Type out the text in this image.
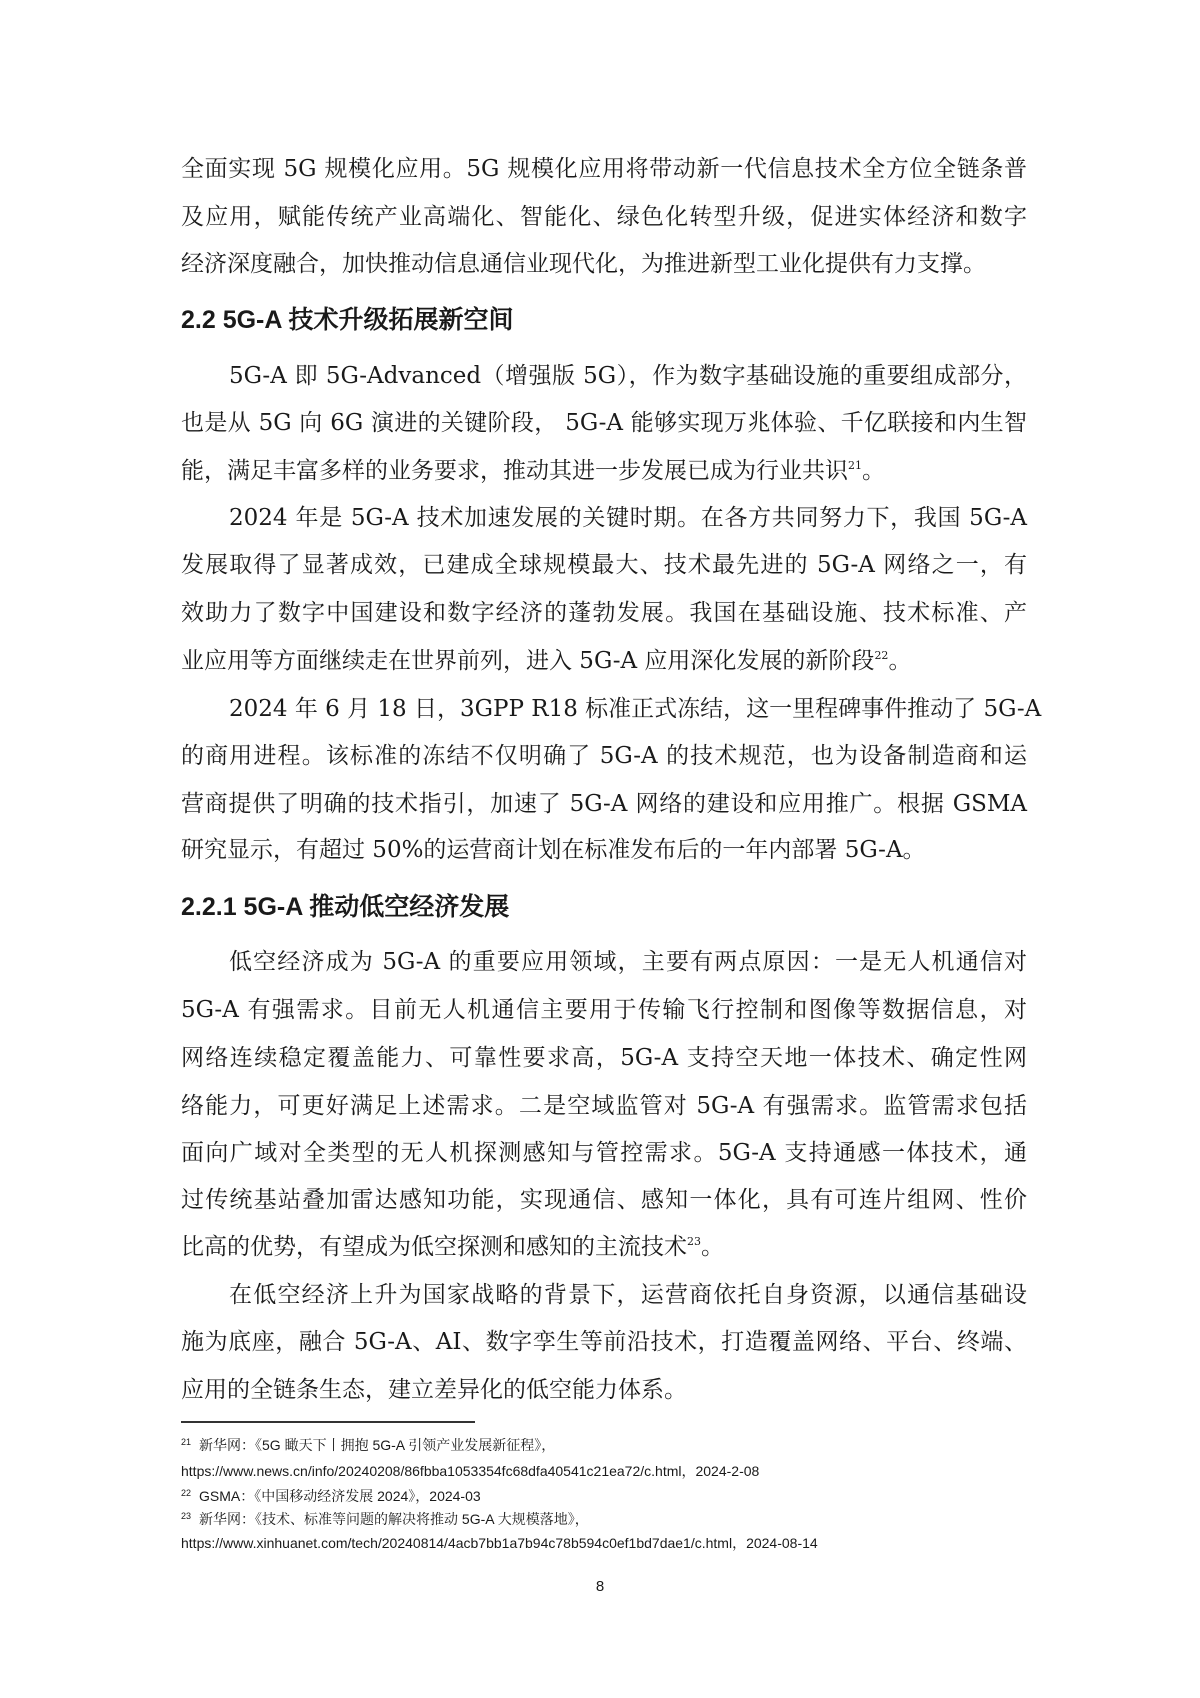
全面实现 5G 规模化应用。5G 规模化应用将带动新一代信息技术全方位全链条普
及应用，赋能传统产业高端化、智能化、绿色化转型升级，促进实体经济和数字
经济深度融合，加快推动信息通信业现代化，为推进新型工业化提供有力支撑。
2.2 5G-A 技术升级拓展新空间
5G-A 即 5G-Advanced（增强版 5G），作为数字基础设施的重要组成部分，
也是从 5G 向 6G 演进的关键阶段， 5G-A 能够实现万兆体验、千亿联接和内生智
能，满足丰富多样的业务要求，推动其进一步发展已成为行业共识$^{21}$。
2024 年是 5G-A 技术加速发展的关键时期。在各方共同努力下，我国 5G-A
发展取得了显著成效，已建成全球规模最大、技术最先进的 5G-A 网络之一，有
效助力了数字中国建设和数字经济的蓬勃发展。我国在基础设施、技术标准、产
业应用等方面继续走在世界前列，进入 5G-A 应用深化发展的新阶段$^{22}$。
2024 年 6 月 18 日，3GPP R18 标准正式冻结，这一里程碑事件推动了 5G-A
的商用进程。该标准的冻结不仅明确了 5G-A 的技术规范，也为设备制造商和运
营商提供了明确的技术指引，加速了 5G-A 网络的建设和应用推广。根据 GSMA
研究显示，有超过 50%的运营商计划在标准发布后的一年内部署 5G-A。
2.2.1 5G-A 推动低空经济发展
低空经济成为 5G-A 的重要应用领域，主要有两点原因：一是无人机通信对
5G-A 有强需求。目前无人机通信主要用于传输飞行控制和图像等数据信息，对
网络连续稳定覆盖能力、可靠性要求高，5G-A 支持空天地一体技术、确定性网
络能力，可更好满足上述需求。二是空域监管对 5G-A 有强需求。监管需求包括
面向广域对全类型的无人机探测感知与管控需求。5G-A 支持通感一体技术，通
过传统基站叠加雷达感知功能，实现通信、感知一体化，具有可连片组网、性价
比高的优势，有望成为低空探测和感知的主流技术$^{23}$。
在低空经济上升为国家战略的背景下，运营商依托自身资源，以通信基础设
施为底座，融合 5G-A、AI、数字孪生等前沿技术，打造覆盖网络、平台、终端、
应用的全链条生态，建立差异化的低空能力体系。
$^{21}$ 新华网：《5G 瞰天下丨拥抱 5G-A 引领产业发展新征程》，
https://www.news.cn/info/20240208/86fbba1053354fc68dfa40541c21ea72/c.html，2024-2-08
$^{22}$ GSMA：《中国移动经济发展 2024》，2024-03
$^{23}$ 新华网：《技术、标准等问题的解决将推动 5G-A 大规模落地》，
https://www.xinhuanet.com/tech/20240814/4acb7bb1a7b94c78b594c0ef1bd7dae1/c.html，2024-08-14
8
